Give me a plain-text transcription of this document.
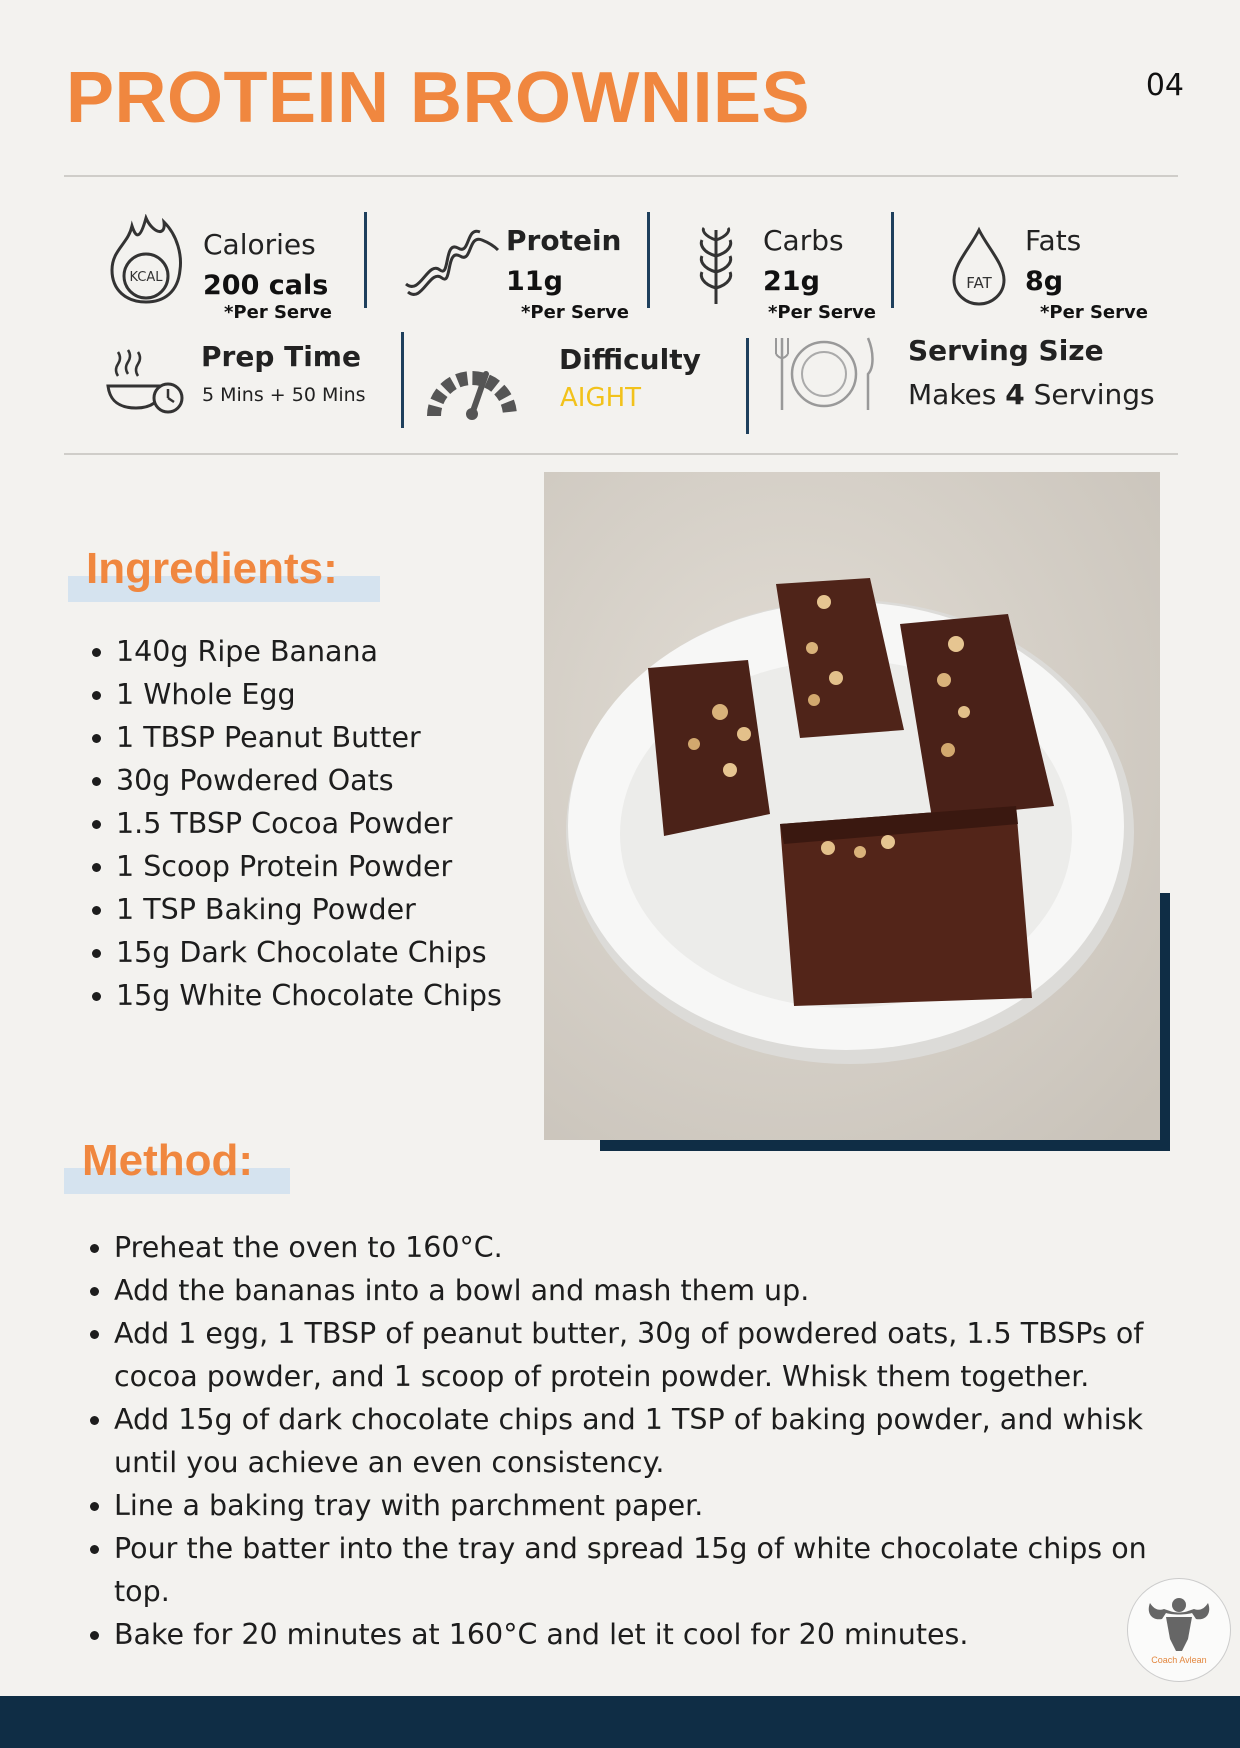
PROTEIN BROWNIES	04
KCAL
Calories
200 cals
*Per Serve
Protein
11g
*Per Serve
Carbs
21g
*Per Serve
FAT
Fats
8g
*Per Serve
Prep Time
5 Mins + 50 Mins
Difficulty
AIGHT
Serving Size
Makes 4 Servings
Ingredients:
• 140g Ripe Banana
• 1 Whole Egg
• 1 TBSP Peanut Butter
• 30g Powdered Oats
• 1.5 TBSP Cocoa Powder
• 1 Scoop Protein Powder
• 1 TSP Baking Powder
• 15g Dark Chocolate Chips
• 15g White Chocolate Chips
Method:
• Preheat the oven to 160°C.
• Add the bananas into a bowl and mash them up.
• Add 1 egg, 1 TBSP of peanut butter, 30g of powdered oats, 1.5 TBSPs of cocoa powder, and 1 scoop of protein powder. Whisk them together.
• Add 15g of dark chocolate chips and 1 TSP of baking powder, and whisk until you achieve an even consistency.
• Line a baking tray with parchment paper.
• Pour the batter into the tray and spread 15g of white chocolate chips on top.
• Bake for 20 minutes at 160°C and let it cool for 20 minutes.
Coach Avlean
